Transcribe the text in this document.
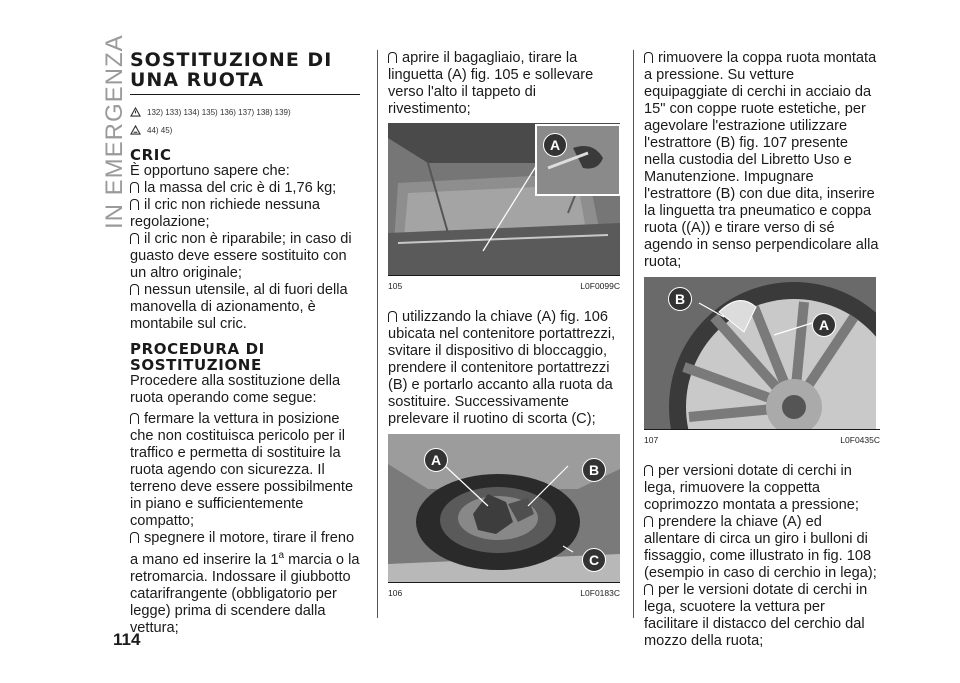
IN EMERGENZA
114
SOSTITUZIONE DI
UNA RUOTA
132) 133) 134) 135) 136) 137) 138) 139)
44) 45)
CRIC

È opportuno sapere che:

la massa del cric è di 1,76 kg;

il cric non richiede nessuna regolazione;

il cric non è riparabile; in caso di guasto deve essere sostituito con un altro originale;

nessun utensile, al di fuori della manovella di azionamento, è montabile sul cric.

PROCEDURA DI
SOSTITUZIONE

Procedere alla sostituzione della ruota operando come segue:

fermare la vettura in posizione che non costituisca pericolo per il traffico e permetta di sostituire la ruota agendo con sicurezza. Il terreno deve essere possibilmente in piano e sufficientemente compatto;

spegnere il motore, tirare il freno a mano ed inserire la 1$^a$ marcia o la retromarcia. Indossare il giubbotto catarifrangente (obbligatorio per legge) prima di scendere dalla vettura;

aprire il bagagliaio, tirare la linguetta (A) fig. 105 e sollevare verso l'alto il tappeto di rivestimento;

A
105	L0F0099C

utilizzando la chiave (A) fig. 106 ubicata nel contenitore portattrezzi, svitare il dispositivo di bloccaggio, prendere il contenitore portattrezzi (B) e portarlo accanto alla ruota da sostituire. Successivamente prelevare il ruotino di scorta (C);

A
B
C
106	L0F0183C

rimuovere la coppa ruota montata a pressione. Su vetture equipaggiate di cerchi in acciaio da 15" con coppe ruote estetiche, per agevolare l'estrazione utilizzare l'estrattore (B) fig. 107 presente nella custodia del Libretto Uso e Manutenzione. Impugnare l'estrattore (B) con due dita, inserire la linguetta tra pneumatico e coppa ruota ((A)) e tirare verso di sé agendo in senso perpendicolare alla ruota;

B
A
107	L0F0435C

per versioni dotate di cerchi in lega, rimuovere la coppetta coprimozzo montata a pressione;

prendere la chiave (A) ed allentare di circa un giro i bulloni di fissaggio, come illustrato in fig. 108 (esempio in caso di cerchio in lega);

per le versioni dotate di cerchi in lega, scuotere la vettura per facilitare il distacco del cerchio dal mozzo della ruota;
